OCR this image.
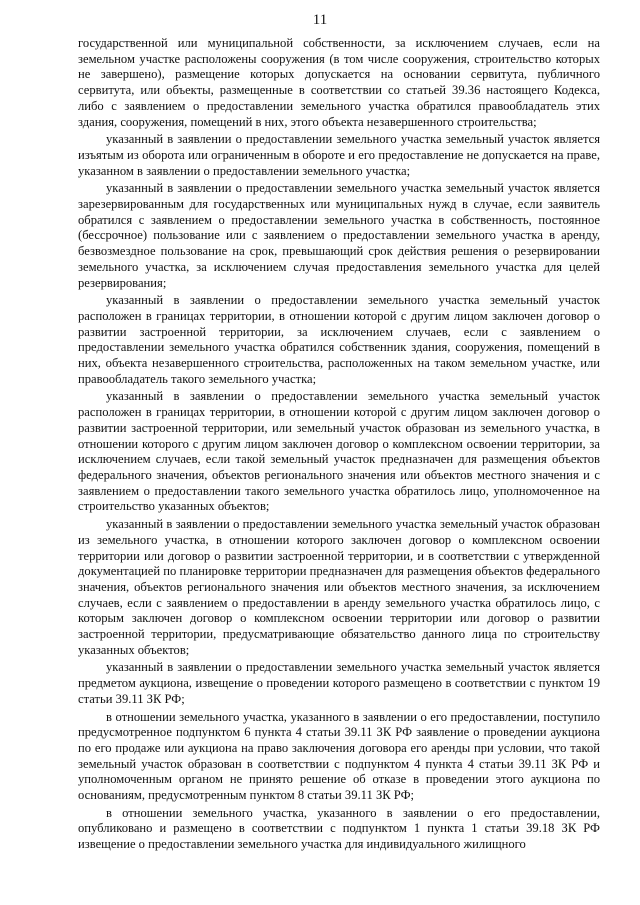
11

государственной или муниципальной собственности, за исключением случаев, если на земельном участке расположены сооружения (в том числе сооружения, строительство которых не завершено), размещение которых допускается на основании сервитута, публичного сервитута, или объекты, размещенные в соответствии со статьей 39.36 настоящего Кодекса, либо с заявлением о предоставлении земельного участка обратился правообладатель этих здания, сооружения, помещений в них, этого объекта незавершенного строительства;

указанный в заявлении о предоставлении земельного участка земельный участок является изъятым из оборота или ограниченным в обороте и его предоставление не допускается на праве, указанном в заявлении о предоставлении земельного участка;

указанный в заявлении о предоставлении земельного участка земельный участок является зарезервированным для государственных или муниципальных нужд в случае, если заявитель обратился с заявлением о предоставлении земельного участка в собственность, постоянное (бессрочное) пользование или с заявлением о предоставлении земельного участка в аренду, безвозмездное пользование на срок, превышающий срок действия решения о резервировании земельного участка, за исключением случая предоставления земельного участка для целей резервирования;

указанный в заявлении о предоставлении земельного участка земельный участок расположен в границах территории, в отношении которой с другим лицом заключен договор о развитии застроенной территории, за исключением случаев, если с заявлением о предоставлении земельного участка обратился собственник здания, сооружения, помещений в них, объекта незавершенного строительства, расположенных на таком земельном участке, или правообладатель такого земельного участка;

указанный в заявлении о предоставлении земельного участка земельный участок расположен в границах территории, в отношении которой с другим лицом заключен договор о развитии застроенной территории, или земельный участок образован из земельного участка, в отношении которого с другим лицом заключен договор о комплексном освоении территории, за исключением случаев, если такой земельный участок предназначен для размещения объектов федерального значения, объектов регионального значения или объектов местного значения и с заявлением о предоставлении такого земельного участка обратилось лицо, уполномоченное на строительство указанных объектов;

указанный в заявлении о предоставлении земельного участка земельный участок образован из земельного участка, в отношении которого заключен договор о комплексном освоении территории или договор о развитии застроенной территории, и в соответствии с утвержденной документацией по планировке территории предназначен для размещения объектов федерального значения, объектов регионального значения или объектов местного значения, за исключением случаев, если с заявлением о предоставлении в аренду земельного участка обратилось лицо, с которым заключен договор о комплексном освоении территории или договор о развитии застроенной территории, предусматривающие обязательство данного лица по строительству указанных объектов;

указанный в заявлении о предоставлении земельного участка земельный участок является предметом аукциона, извещение о проведении которого размещено в соответствии с пунктом 19 статьи 39.11 ЗК РФ;

в отношении земельного участка, указанного в заявлении о его предоставлении, поступило предусмотренное подпунктом 6 пункта 4 статьи 39.11 ЗК РФ заявление о проведении аукциона по его продаже или аукциона на право заключения договора его аренды при условии, что такой земельный участок образован в соответствии с подпунктом 4 пункта 4 статьи 39.11 ЗК РФ и уполномоченным органом не принято решение об отказе в проведении этого аукциона по основаниям, предусмотренным пунктом 8 статьи 39.11 ЗК РФ;

в отношении земельного участка, указанного в заявлении о его предоставлении, опубликовано и размещено в соответствии с подпунктом 1 пункта 1 статьи 39.18 ЗК РФ извещение о предоставлении земельного участка для индивидуального жилищного
